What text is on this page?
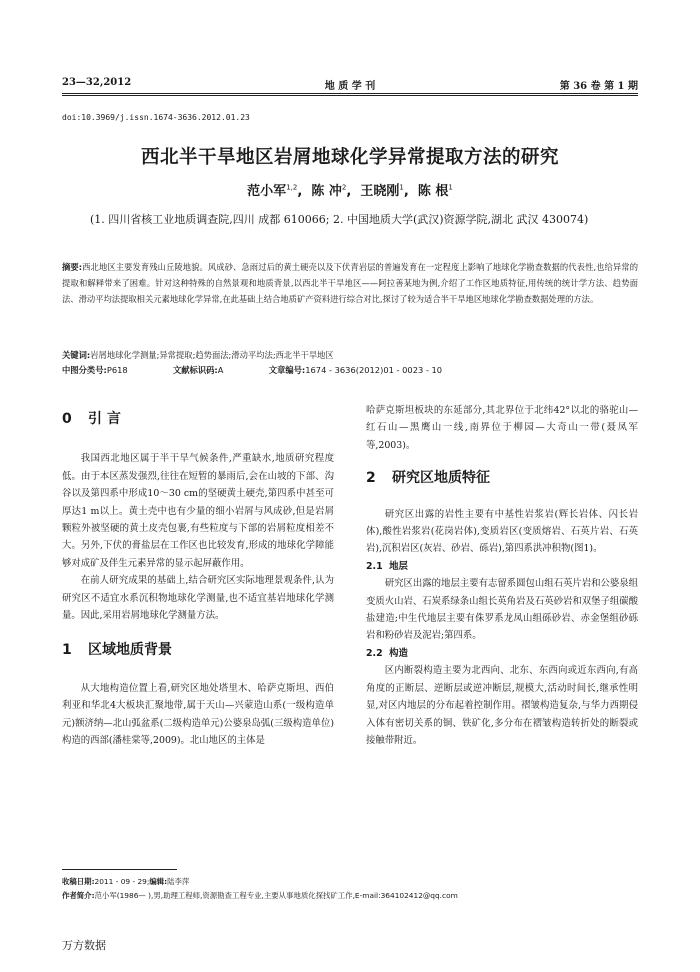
23—32,2012	地 质 学 刊	第 36 卷 第 1 期
doi:10.3969/j.issn.1674-3636.2012.01.23
西北半干旱地区岩屑地球化学异常提取方法的研究
范小军$^{1,2}$,  陈 冲$^2$,  王晓刚$^1$,  陈 根$^1$
(1. 四川省核工业地质调查院,四川 成都 610066; 2. 中国地质大学(武汉)资源学院,湖北 武汉 430074)
摘要:西北地区主要发育残山丘陵地貌。风成砂、急雨过后的黄土硬壳以及下伏青岩层的普遍发育在一定程度上影响了地球化学勘查数据的代表性,也给异常的提取和解释带来了困难。针对这种特殊的自然景观和地质背景,以西北半干旱地区——阿拉善某地为例,介绍了工作区地质特征,用传统的统计学方法、趋势面法、滑动平均法提取相关元素地球化学异常,在此基础上结合地质矿产资料进行综合对比,探讨了较为适合半干旱地区地球化学勘查数据处理的方法。
关键词:岩屑地球化学测量;异常提取;趋势面法;滑动平均法;西北半干旱地区
中图分类号:P618	文献标识码:A	文章编号:1674 - 3636(2012)01 - 0023 - 10
0 引 言

我国西北地区属于半干旱气候条件,严重缺水,地质研究程度低。由于本区蒸发强烈,往往在短暂的暴雨后,会在山坡的下部、沟谷以及第四系中形成10～30 cm的坚硬黄土硬壳,第四系中甚至可厚达1 m以上。黄土壳中也有少量的细小岩屑与风成砂,但是岩屑颗粒外被坚硬的黄土皮壳包裹,有些粒度与下部的岩屑粒度相差不大。另外,下伏的膏盐层在工作区也比较发育,形成的地球化学障能够对成矿及伴生元素异常的显示起屏蔽作用。

在前人研究成果的基础上,结合研究区实际地理景观条件,认为研究区不适宜水系沉积物地球化学测量,也不适宜基岩地球化学测量。因此,采用岩屑地球化学测量方法。

1 区域地质背景

从大地构造位置上看,研究区地处塔里木、哈萨克斯坦、西伯利亚和华北4大板块汇聚地带,属于天山—兴蒙造山系(一级构造单元)额济纳—北山弧盆系(二级构造单元)公婆泉岛弧(三级构造单位)构造的西部(潘桂棠等,2009)。北山地区的主体是

哈萨克斯坦板块的东延部分,其北界位于北纬42°以北的骆驼山—红石山—黑鹰山一线,南界位于柳园—大奇山一带(聂凤军等,2003)。

2 研究区地质特征

研究区出露的岩性主要有中基性岩浆岩(辉长岩体、闪长岩体),酸性岩浆岩(花岗岩体),变质岩区(变质熔岩、石英片岩、石英岩),沉积岩区(灰岩、砂岩、砾岩),第四系洪冲积物(图1)。

2.1 地层

研究区出露的地层主要有志留系圆包山组石英片岩和公婆泉组变质火山岩、石炭系绿条山组长英角岩及石英砂岩和双堡子组碳酸盐建造;中生代地层主要有侏罗系龙凤山组砾砂岩、赤金堡组砂砾岩和粉砂岩及泥岩;第四系。

2.2 构造

区内断裂构造主要为北西向、北东、东西向或近东西向,有高角度的正断层、逆断层或逆冲断层,规模大,活动时间长,继承性明显,对区内地层的分布起着控制作用。褶皱构造复杂,与华力西期侵入体有密切关系的铜、铁矿化,多分布在褶皱构造转折处的断裂或接触带附近。

收稿日期:2011 - 09 - 29;编辑:陆李萍
作者简介:范小军(1986— ),男,助理工程师,资源勘查工程专业,主要从事地质化探找矿工作,E-mail:364102412@qq.com
万方数据
